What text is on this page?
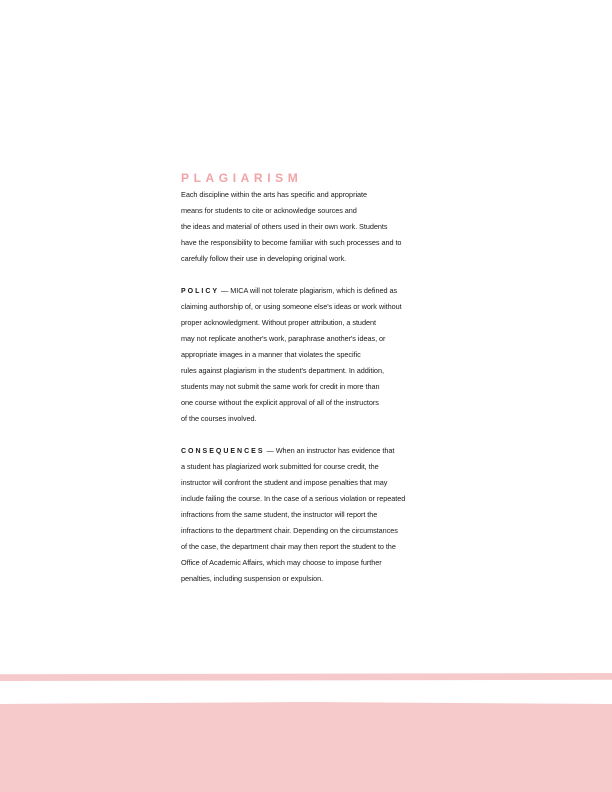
PLAGIARISM
Each discipline within the arts has specific and appropriate
means for students to cite or acknowledge sources and
the ideas and material of others used in their own work. Students
have the responsibility to become familiar with such processes and to
carefully follow their use in developing original work.
POLICY — MICA will not tolerate plagiarism, which is defined as
claiming authorship of, or using someone else's ideas or work without
proper acknowledgment. Without proper attribution, a student
may not replicate another's work, paraphrase another's ideas, or
appropriate images in a manner that violates the specific
rules against plagiarism in the student's department. In addition,
students may not submit the same work for credit in more than
one course without the explicit approval of all of the instructors
of the courses involved.
CONSEQUENCES — When an instructor has evidence that
a student has plagiarized work submitted for course credit, the
instructor will confront the student and impose penalties that may
include failing the course. In the case of a serious violation or repeated
infractions from the same student, the instructor will report the
infractions to the department chair. Depending on the circumstances
of the case, the department chair may then report the student to the
Office of Academic Affairs, which may choose to impose further
penalties, including suspension or expulsion.
